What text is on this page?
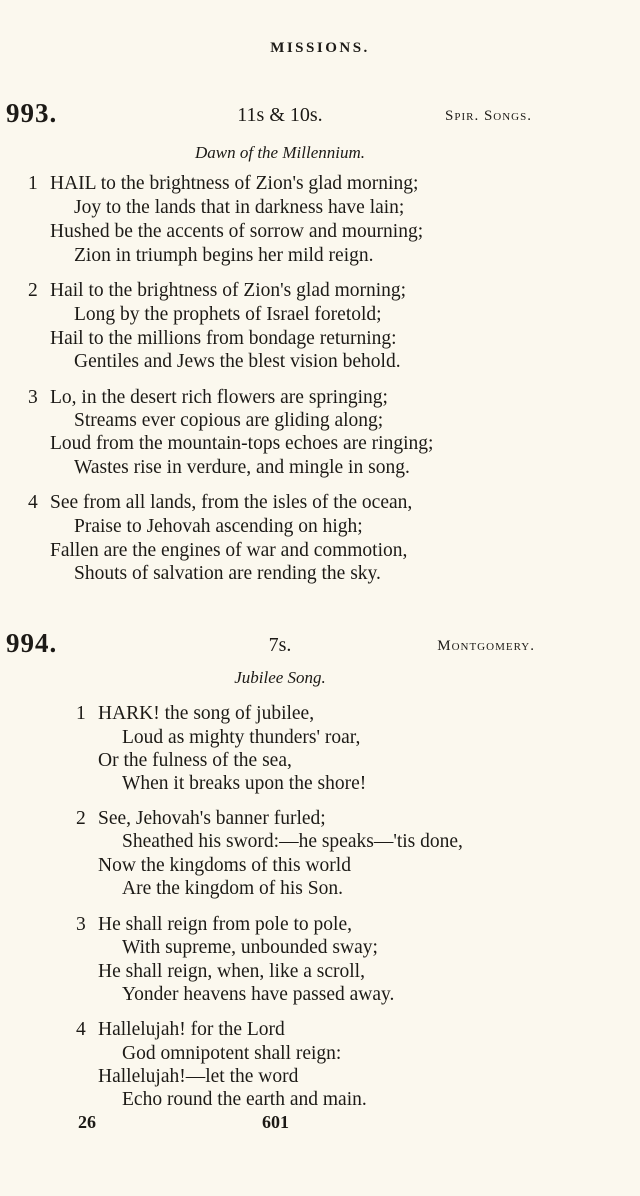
MISSIONS.
993.	11s & 10s.	Spir. Songs.
Dawn of the Millennium.
1 HAIL to the brightness of Zion's glad morning;
Joy to the lands that in darkness have lain;
Hushed be the accents of sorrow and mourning;
Zion in triumph begins her mild reign.
2 Hail to the brightness of Zion's glad morning;
Long by the prophets of Israel foretold;
Hail to the millions from bondage returning:
Gentiles and Jews the blest vision behold.
3 Lo, in the desert rich flowers are springing;
Streams ever copious are gliding along;
Loud from the mountain-tops echoes are ringing;
Wastes rise in verdure, and mingle in song.
4 See from all lands, from the isles of the ocean,
Praise to Jehovah ascending on high;
Fallen are the engines of war and commotion,
Shouts of salvation are rending the sky.
994.	7s.	Montgomery.
Jubilee Song.
1 HARK! the song of jubilee,
Loud as mighty thunders' roar,
Or the fulness of the sea,
When it breaks upon the shore!
2 See, Jehovah's banner furled;
Sheathed his sword:—he speaks—'tis done,
Now the kingdoms of this world
Are the kingdom of his Son.
3 He shall reign from pole to pole,
With supreme, unbounded sway;
He shall reign, when, like a scroll,
Yonder heavens have passed away.
4 Hallelujah! for the Lord
God omnipotent shall reign:
Hallelujah!—let the word
Echo round the earth and main.
26	601
